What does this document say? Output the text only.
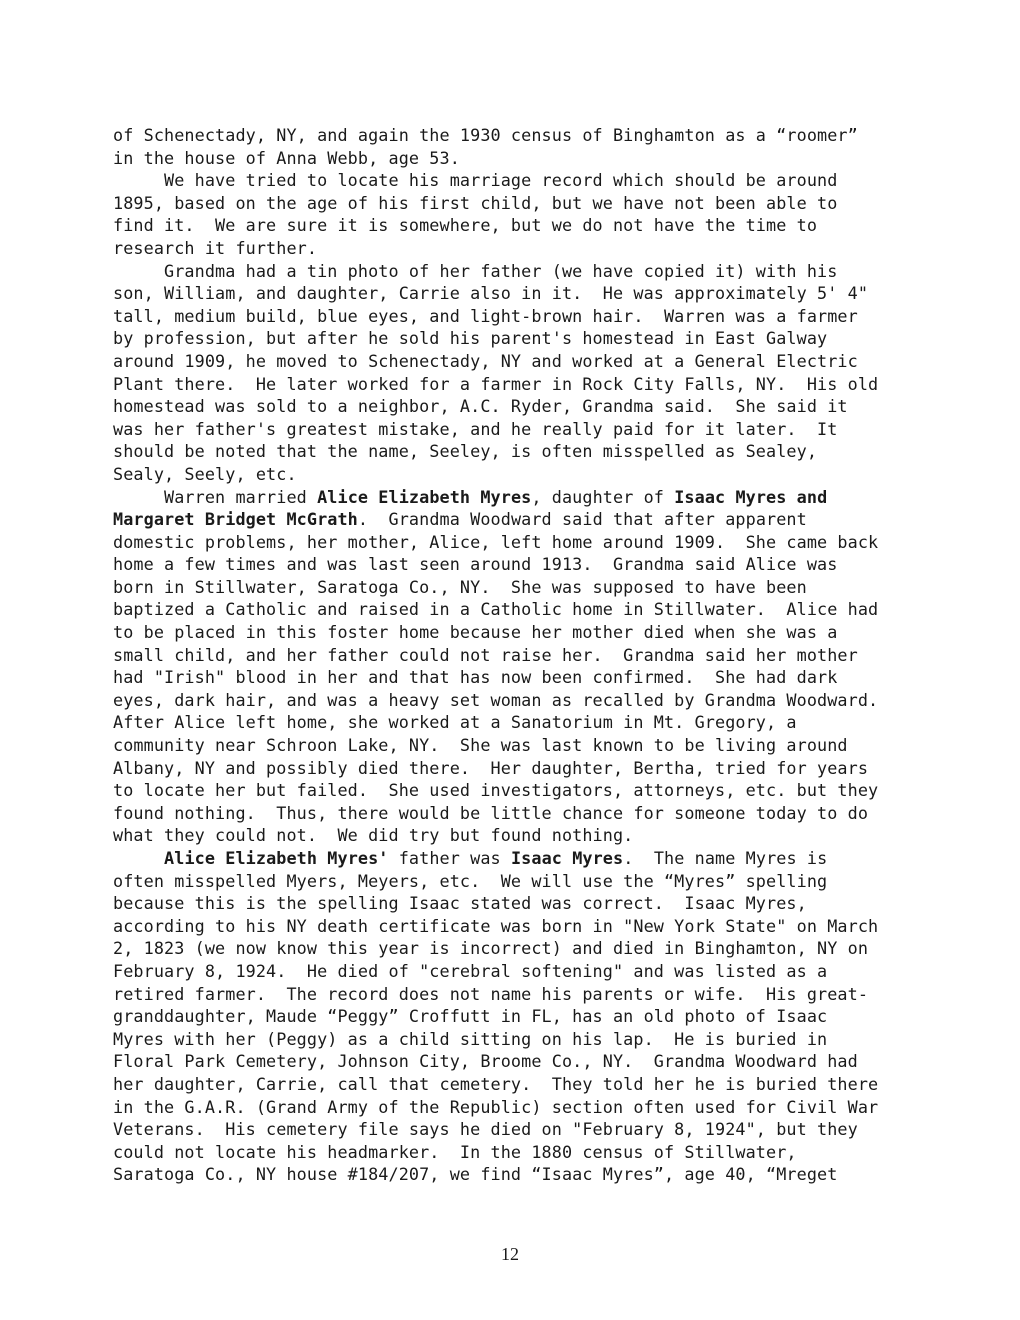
of Schenectady, NY, and again the 1930 census of Binghamton as a “roomer”
in the house of Anna Webb, age 53.
We have tried to locate his marriage record which should be around
1895, based on the age of his first child, but we have not been able to
find it.  We are sure it is somewhere, but we do not have the time to
research it further.
Grandma had a tin photo of her father (we have copied it) with his
son, William, and daughter, Carrie also in it.  He was approximately 5' 4"
tall, medium build, blue eyes, and light-brown hair.  Warren was a farmer
by profession, but after he sold his parent's homestead in East Galway
around 1909, he moved to Schenectady, NY and worked at a General Electric
Plant there.  He later worked for a farmer in Rock City Falls, NY.  His old
homestead was sold to a neighbor, A.C. Ryder, Grandma said.  She said it
was her father's greatest mistake, and he really paid for it later.  It
should be noted that the name, Seeley, is often misspelled as Sealey,
Sealy, Seely, etc.
Warren married Alice Elizabeth Myres, daughter of Isaac Myres and
Margaret Bridget McGrath.  Grandma Woodward said that after apparent
domestic problems, her mother, Alice, left home around 1909.  She came back
home a few times and was last seen around 1913.  Grandma said Alice was
born in Stillwater, Saratoga Co., NY.  She was supposed to have been
baptized a Catholic and raised in a Catholic home in Stillwater.  Alice had
to be placed in this foster home because her mother died when she was a
small child, and her father could not raise her.  Grandma said her mother
had "Irish" blood in her and that has now been confirmed.  She had dark
eyes, dark hair, and was a heavy set woman as recalled by Grandma Woodward.
After Alice left home, she worked at a Sanatorium in Mt. Gregory, a
community near Schroon Lake, NY.  She was last known to be living around
Albany, NY and possibly died there.  Her daughter, Bertha, tried for years
to locate her but failed.  She used investigators, attorneys, etc. but they
found nothing.  Thus, there would be little chance for someone today to do
what they could not.  We did try but found nothing.
Alice Elizabeth Myres' father was Isaac Myres.  The name Myres is
often misspelled Myers, Meyers, etc.  We will use the “Myres” spelling
because this is the spelling Isaac stated was correct.  Isaac Myres,
according to his NY death certificate was born in "New York State" on March
2, 1823 (we now know this year is incorrect) and died in Binghamton, NY on
February 8, 1924.  He died of "cerebral softening" and was listed as a
retired farmer.  The record does not name his parents or wife.  His great-
granddaughter, Maude “Peggy” Croffutt in FL, has an old photo of Isaac
Myres with her (Peggy) as a child sitting on his lap.  He is buried in
Floral Park Cemetery, Johnson City, Broome Co., NY.  Grandma Woodward had
her daughter, Carrie, call that cemetery.  They told her he is buried there
in the G.A.R. (Grand Army of the Republic) section often used for Civil War
Veterans.  His cemetery file says he died on "February 8, 1924", but they
could not locate his headmarker.  In the 1880 census of Stillwater,
Saratoga Co., NY house #184/207, we find “Isaac Myres”, age 40, “Mreget
12
